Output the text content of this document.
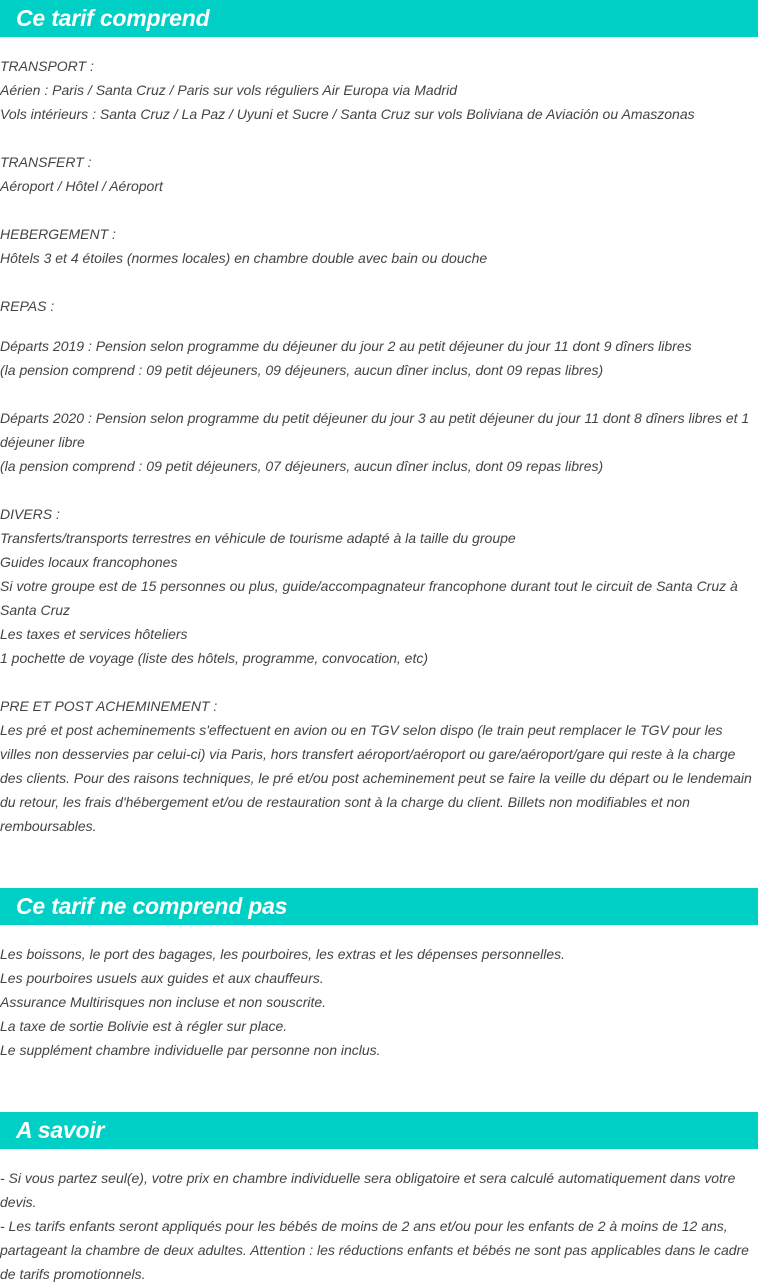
Ce tarif comprend
TRANSPORT :
Aérien : Paris / Santa Cruz / Paris sur vols réguliers Air Europa via Madrid
Vols intérieurs : Santa Cruz / La Paz / Uyuni et Sucre / Santa Cruz sur vols Boliviana de Aviación ou Amaszonas
TRANSFERT :
Aéroport / Hôtel / Aéroport
HEBERGEMENT :
Hôtels 3 et 4 étoiles (normes locales) en chambre double avec bain ou douche
REPAS :
Départs 2019 : Pension selon programme du déjeuner du jour 2 au petit déjeuner du jour 11 dont 9 dîners libres
(la pension comprend : 09 petit déjeuners, 09 déjeuners, aucun dîner inclus, dont 09 repas libres)
Départs 2020 : Pension selon programme du petit déjeuner du jour 3 au petit déjeuner du jour 11 dont 8 dîners libres et 1 déjeuner libre
(la pension comprend : 09 petit déjeuners, 07 déjeuners, aucun dîner inclus, dont 09 repas libres)
DIVERS :
Transferts/transports terrestres en véhicule de tourisme adapté à la taille du groupe
Guides locaux francophones
Si votre groupe est de 15 personnes ou plus, guide/accompagnateur francophone durant tout le circuit de Santa Cruz à Santa Cruz
Les taxes et services hôteliers
1 pochette de voyage (liste des hôtels, programme, convocation, etc)
PRE ET POST ACHEMINEMENT :
Les pré et post acheminements s'effectuent en avion ou en TGV selon dispo (le train peut remplacer le TGV pour les villes non desservies par celui-ci) via Paris, hors transfert aéroport/aéroport ou gare/aéroport/gare qui reste à la charge des clients. Pour des raisons techniques, le pré et/ou post acheminement peut se faire la veille du départ ou le lendemain du retour, les frais d'hébergement et/ou de restauration sont à la charge du client. Billets non modifiables et non remboursables.
Ce tarif ne comprend pas
Les boissons, le port des bagages, les pourboires, les extras et les dépenses personnelles.
Les pourboires usuels aux guides et aux chauffeurs.
Assurance Multirisques non incluse et non souscrite.
La taxe de sortie Bolivie est à régler sur place.
Le supplément chambre individuelle par personne non inclus.
A savoir
- Si vous partez seul(e), votre prix en chambre individuelle sera obligatoire et sera calculé automatiquement dans votre devis.
- Les tarifs enfants seront appliqués pour les bébés de moins de 2 ans et/ou pour les enfants de 2 à moins de 12 ans, partageant la chambre de deux adultes. Attention : les réductions enfants et bébés ne sont pas applicables dans le cadre de tarifs promotionnels.
